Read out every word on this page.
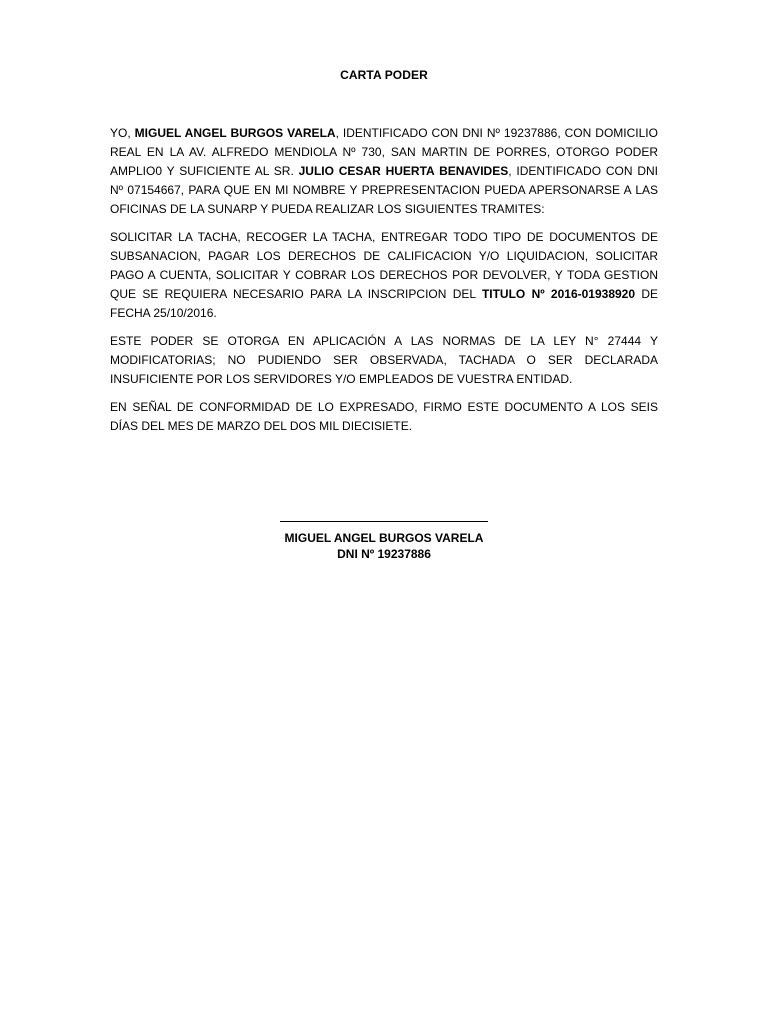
CARTA PODER

YO, MIGUEL ANGEL BURGOS VARELA, IDENTIFICADO CON DNI Nº 19237886, CON DOMICILIO REAL EN LA AV. ALFREDO MENDIOLA Nº 730, SAN MARTIN DE PORRES, OTORGO PODER AMPLIO0 Y SUFICIENTE AL SR. JULIO CESAR HUERTA BENAVIDES, IDENTIFICADO CON DNI Nº 07154667, PARA QUE EN MI NOMBRE Y PREPRESENTACION PUEDA APERSONARSE A LAS OFICINAS DE LA SUNARP Y PUEDA REALIZAR LOS SIGUIENTES TRAMITES:

SOLICITAR LA TACHA, RECOGER LA TACHA, ENTREGAR TODO TIPO DE DOCUMENTOS DE SUBSANACION, PAGAR LOS DERECHOS DE CALIFICACION Y/O LIQUIDACION, SOLICITAR PAGO A CUENTA, SOLICITAR Y COBRAR LOS DERECHOS POR DEVOLVER, Y TODA GESTION QUE SE REQUIERA NECESARIO PARA LA INSCRIPCION DEL TITULO Nº 2016-01938920 DE FECHA 25/10/2016.

ESTE PODER SE OTORGA EN APLICACIÓN A LAS NORMAS DE LA LEY N° 27444 Y MODIFICATORIAS; NO PUDIENDO SER OBSERVADA, TACHADA O SER DECLARADA INSUFICIENTE POR LOS SERVIDORES Y/O EMPLEADOS DE VUESTRA ENTIDAD.

EN SEÑAL DE CONFORMIDAD DE LO EXPRESADO, FIRMO ESTE DOCUMENTO A LOS SEIS DÍAS DEL MES DE MARZO DEL DOS MIL DIECISIETE.

MIGUEL ANGEL BURGOS VARELA
DNI Nº 19237886
